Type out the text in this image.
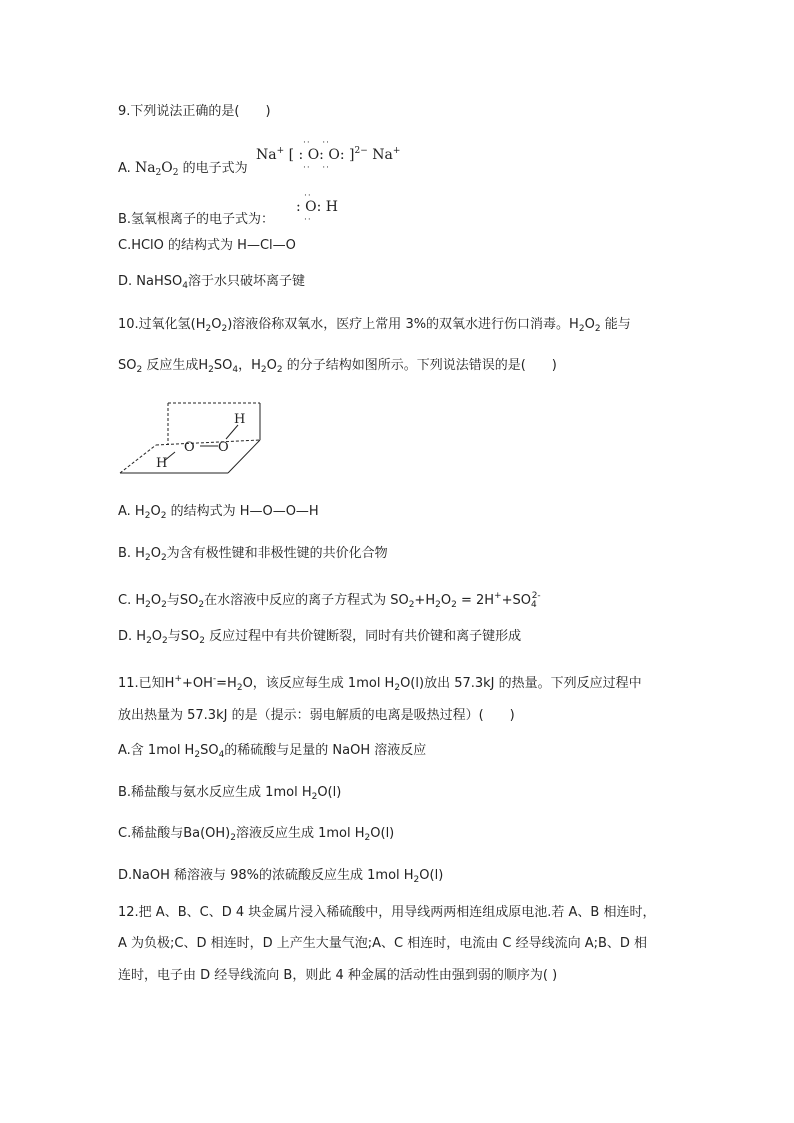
9.下列说法正确的是(　　)
A. $Na_2O_2$ 的电子式为
Na+ [ : O: O: ]$^{2-}$ Na+
··   ··
··   ··
B.氢氧根离子的电子式为：
: O: H
··
··
C.HClO 的结构式为 H—Cl—O
D. NaHSO$_4$溶于水只破坏离子键
10.过氧化氢$(H_2O_2)$溶液俗称双氧水，医疗上常用 3%的双氧水进行伤口消毒。$H_2O_2$ 能与
$SO_2$ 反应生成$H_2SO_4$，$H_2O_2$ 的分子结构如图所示。下列说法错误的是(　　)
O O
H
H
A. $H_2O_2$ 的结构式为 H—O—O—H
B. $H_2O_2$为含有极性键和非极性键的共价化合物
C. $H_2O_2$与$SO_2$在水溶液中反应的离子方程式为 $SO_2+H_2O_2 = 2H^++SO_4^{2-}$
D. $H_2O_2$与$SO_2$ 反应过程中有共价键断裂，同时有共价键和离子键形成
11.已知$H^++OH^-=H_2O$，该反应每生成 1mol $H_2O(l)$放出 57.3kJ 的热量。下列反应过程中
放出热量为 57.3kJ 的是（提示：弱电解质的电离是吸热过程）(　　)
A.含 1mol $H_2SO_4$的稀硫酸与足量的 NaOH 溶液反应
B.稀盐酸与氨水反应生成 1mol $H_2O(l)$
C.稀盐酸与$Ba(OH)_2$溶液反应生成 1mol $H_2O(l)$
D.NaOH 稀溶液与 98%的浓硫酸反应生成 1mol $H_2O(l)$
12.把 A、B、C、D 4 块金属片浸入稀硫酸中，用导线两两相连组成原电池.若 A、B 相连时，
A 为负极;C、D 相连时，D 上产生大量气泡;A、C 相连时，电流由 C 经导线流向 A;B、D 相
连时，电子由 D 经导线流向 B，则此 4 种金属的活动性由强到弱的顺序为( )
